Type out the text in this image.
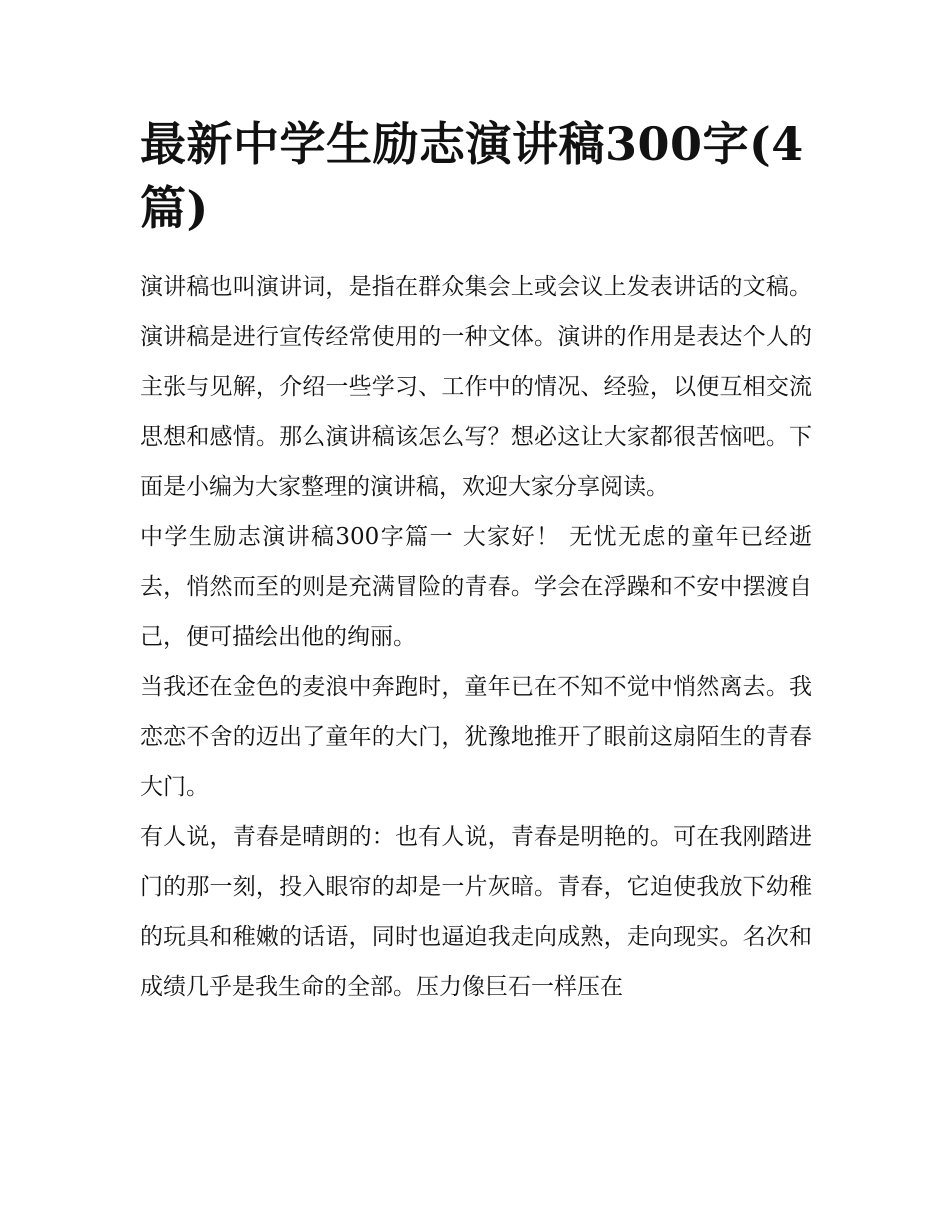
最新中学生励志演讲稿300字(4篇)

演讲稿也叫演讲词，是指在群众集会上或会议上发表讲话的文稿。演讲稿是进行宣传经常使用的一种文体。演讲的作用是表达个人的主张与见解，介绍一些学习、工作中的情况、经验，以便互相交流思想和感情。那么演讲稿该怎么写？想必这让大家都很苦恼吧。下面是小编为大家整理的演讲稿，欢迎大家分享阅读。

中学生励志演讲稿300字篇一 大家好！ 无忧无虑的童年已经逝去，悄然而至的则是充满冒险的青春。学会在浮躁和不安中摆渡自己，便可描绘出他的绚丽。

当我还在金色的麦浪中奔跑时，童年已在不知不觉中悄然离去。我恋恋不舍的迈出了童年的大门，犹豫地推开了眼前这扇陌生的青春大门。

有人说，青春是晴朗的：也有人说，青春是明艳的。可在我刚踏进门的那一刻，投入眼帘的却是一片灰暗。青春，它迫使我放下幼稚的玩具和稚嫩的话语，同时也逼迫我走向成熟，走向现实。名次和成绩几乎是我生命的全部。压力像巨石一样压在
